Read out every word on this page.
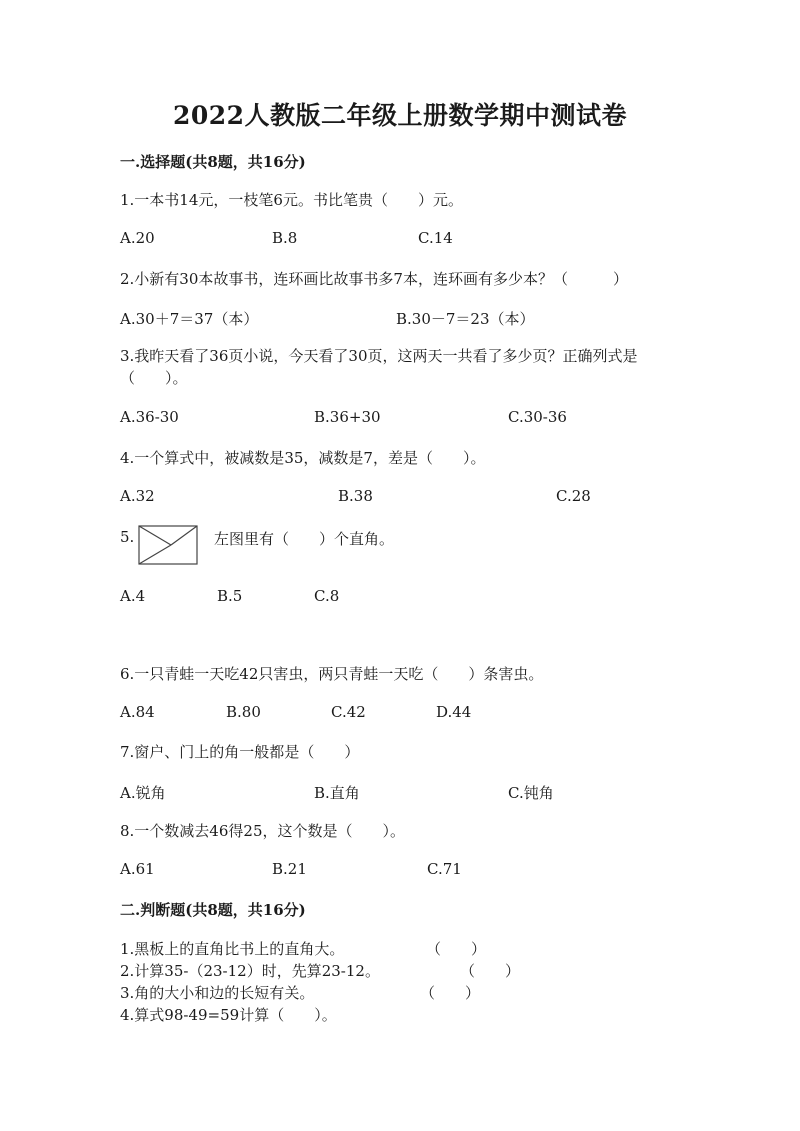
2022人教版二年级上册数学期中测试卷
一.选择题(共8题，共16分)
1.一本书14元，一枝笔6元。书比笔贵（　　）元。
A.20	B.8	C.14
2.小新有30本故事书，连环画比故事书多7本，连环画有多少本？（　　　）
A.30＋7＝37（本）	B.30－7＝23（本）
3.我昨天看了36页小说，今天看了30页，这两天一共看了多少页？正确列式是（　　）。
A.36-30	B.36+30	C.30-36
4.一个算式中，被减数是35，减数是7，差是（　　）。
A.32	B.38	C.28
5.	左图里有（　　）个直角。
A.4	B.5	C.8
6.一只青蛙一天吃42只害虫，两只青蛙一天吃（　　）条害虫。
A.84	B.80	C.42	D.44
7.窗户、门上的角一般都是（　　）
A.锐角	B.直角	C.钝角
8.一个数减去46得25，这个数是（　　）。
A.61	B.21	C.71
二.判断题(共8题，共16分)
1.黑板上的直角比书上的直角大。	（　　）
2.计算35-（23-12）时，先算23-12。	（　　）
3.角的大小和边的长短有关。	（　　）
4.算式98-49=59计算（　　）。
